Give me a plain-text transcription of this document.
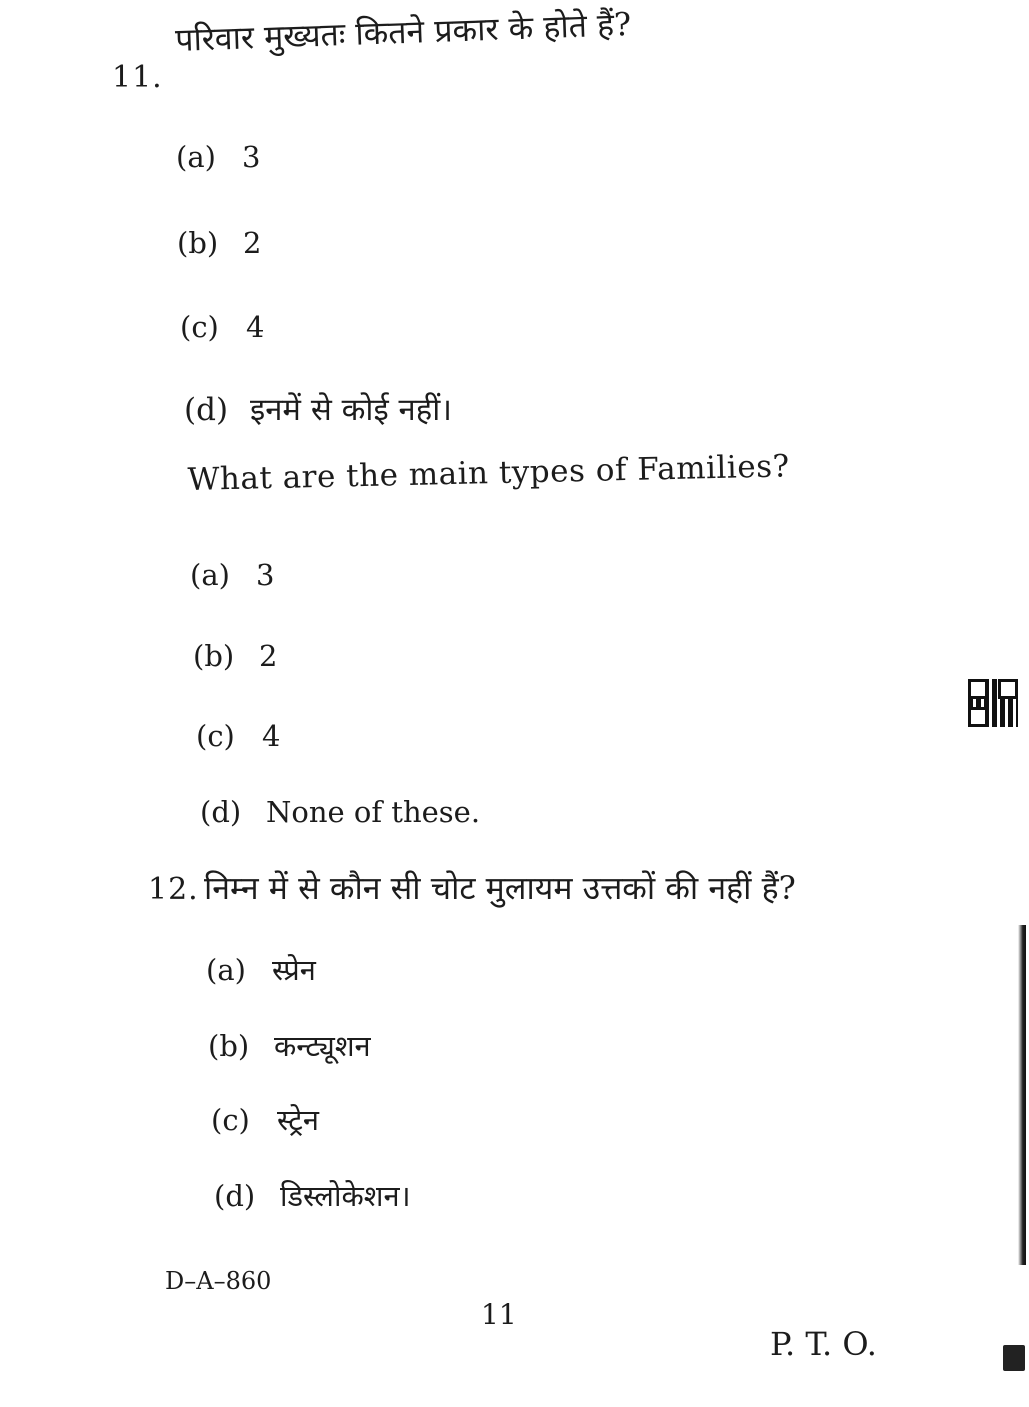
11.
परिवार मुख्यतः कितने प्रकार के होते हैं?
(a) 3
(b) 2
(c) 4
(d) इनमें से कोई नहीं।
What are the main types of Families?
(a) 3
(b) 2
(c) 4
(d) None of these.
12. निम्न में से कौन सी चोट मुलायम उत्तकों की नहीं हैं?
(a) स्प्रेन
(b) कन्ट्यूशन
(c) स्ट्रेन
(d) डिस्लोकेशन।
D–A–860
11
P. T. O.
